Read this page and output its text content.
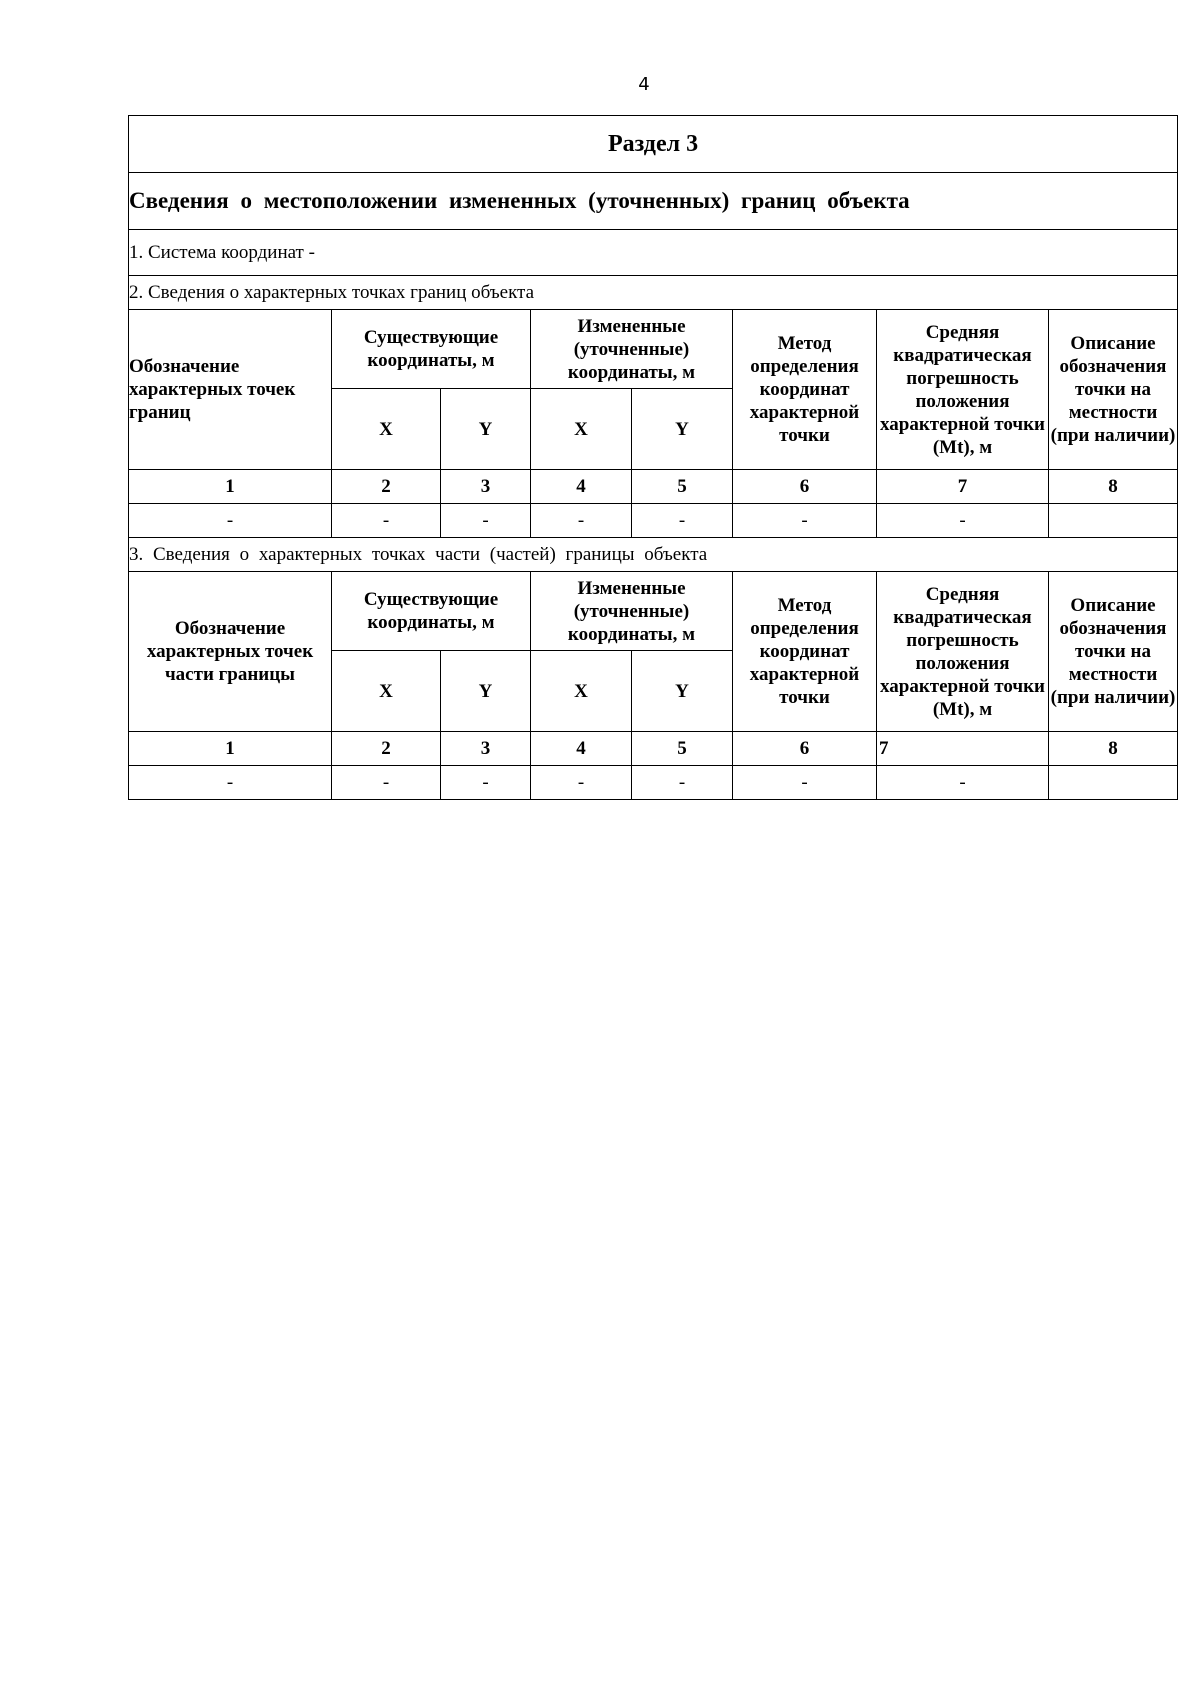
4
Раздел 3							
Сведения о местоположении измененных (уточненных) границ объекта							
1. Система координат -							
2. Сведения о характерных точках границ объекта							
Обозначение характерных точек границ	Существующие координаты, м		Измененные (уточненные) координаты, м		Метод определения координат характерной точки	Средняя квадратическая погрешность положения характерной точки (Mt), м	Описание обозначения точки на местности (при наличии)
	X	Y	X	Y			
1	2	3	4	5	6	7	8
-	-	-	-	-	-	-	
3. Сведения о характерных точках части (частей) границы объекта							
Обозначение характерных точек части границы	Существующие координаты, м		Измененные (уточненные) координаты, м		Метод определения координат характерной точки	Средняя квадратическая погрешность положения характерной точки (Mt), м	Описание обозначения точки на местности (при наличии)
	X	Y	X	Y			
1	2	3	4	5	6	7	8
-	-	-	-	-	-	-	
